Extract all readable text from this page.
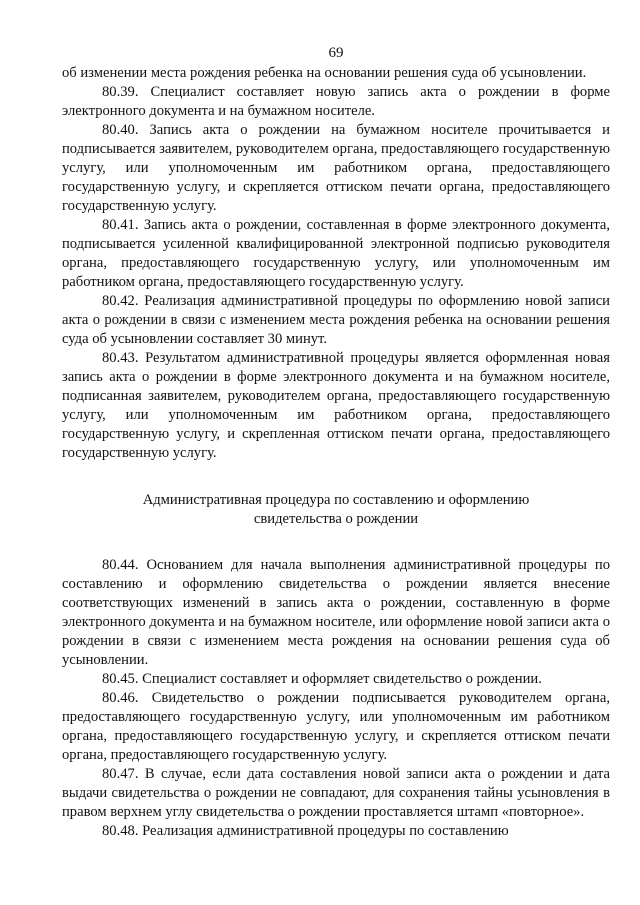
69

об изменении места рождения ребенка на основании решения суда об усыновлении.

80.39. Специалист составляет новую запись акта о рождении в форме электронного документа и на бумажном носителе.

80.40. Запись акта о рождении на бумажном носителе прочитывается и подписывается заявителем, руководителем органа, предоставляющего государственную услугу, или уполномоченным им работником органа, предоставляющего государственную услугу, и скрепляется оттиском печати органа, предоставляющего государственную услугу.

80.41. Запись акта о рождении, составленная в форме электронного документа, подписывается усиленной квалифицированной электронной подписью руководителя органа, предоставляющего государственную услугу, или уполномоченным им работником органа, предоставляющего государственную услугу.

80.42. Реализация административной процедуры по оформлению новой записи акта о рождении в связи с изменением места рождения ребенка на основании решения суда об усыновлении составляет 30 минут.

80.43. Результатом административной процедуры является оформленная новая запись акта о рождении в форме электронного документа и на бумажном носителе, подписанная заявителем, руководителем органа, предоставляющего государственную услугу, или уполномоченным им работником органа, предоставляющего государственную услугу, и скрепленная оттиском печати органа, предоставляющего государственную услугу.

Административная процедура по составлению и оформлению

свидетельства о рождении

80.44. Основанием для начала выполнения административной процедуры по составлению и оформлению свидетельства о рождении является внесение соответствующих изменений в запись акта о рождении, составленную в форме электронного документа и на бумажном носителе, или оформление новой записи акта о рождении в связи с изменением места рождения на основании решения суда об усыновлении.

80.45. Специалист составляет и оформляет свидетельство о рождении.

80.46. Свидетельство о рождении подписывается руководителем органа, предоставляющего государственную услугу, или уполномоченным им работником органа, предоставляющего государственную услугу, и скрепляется оттиском печати органа, предоставляющего государственную услугу.

80.47. В случае, если дата составления новой записи акта о рождении и дата выдачи свидетельства о рождении не совпадают, для сохранения тайны усыновления в правом верхнем углу свидетельства о рождении проставляется штамп «повторное».

80.48. Реализация административной процедуры по составлению
